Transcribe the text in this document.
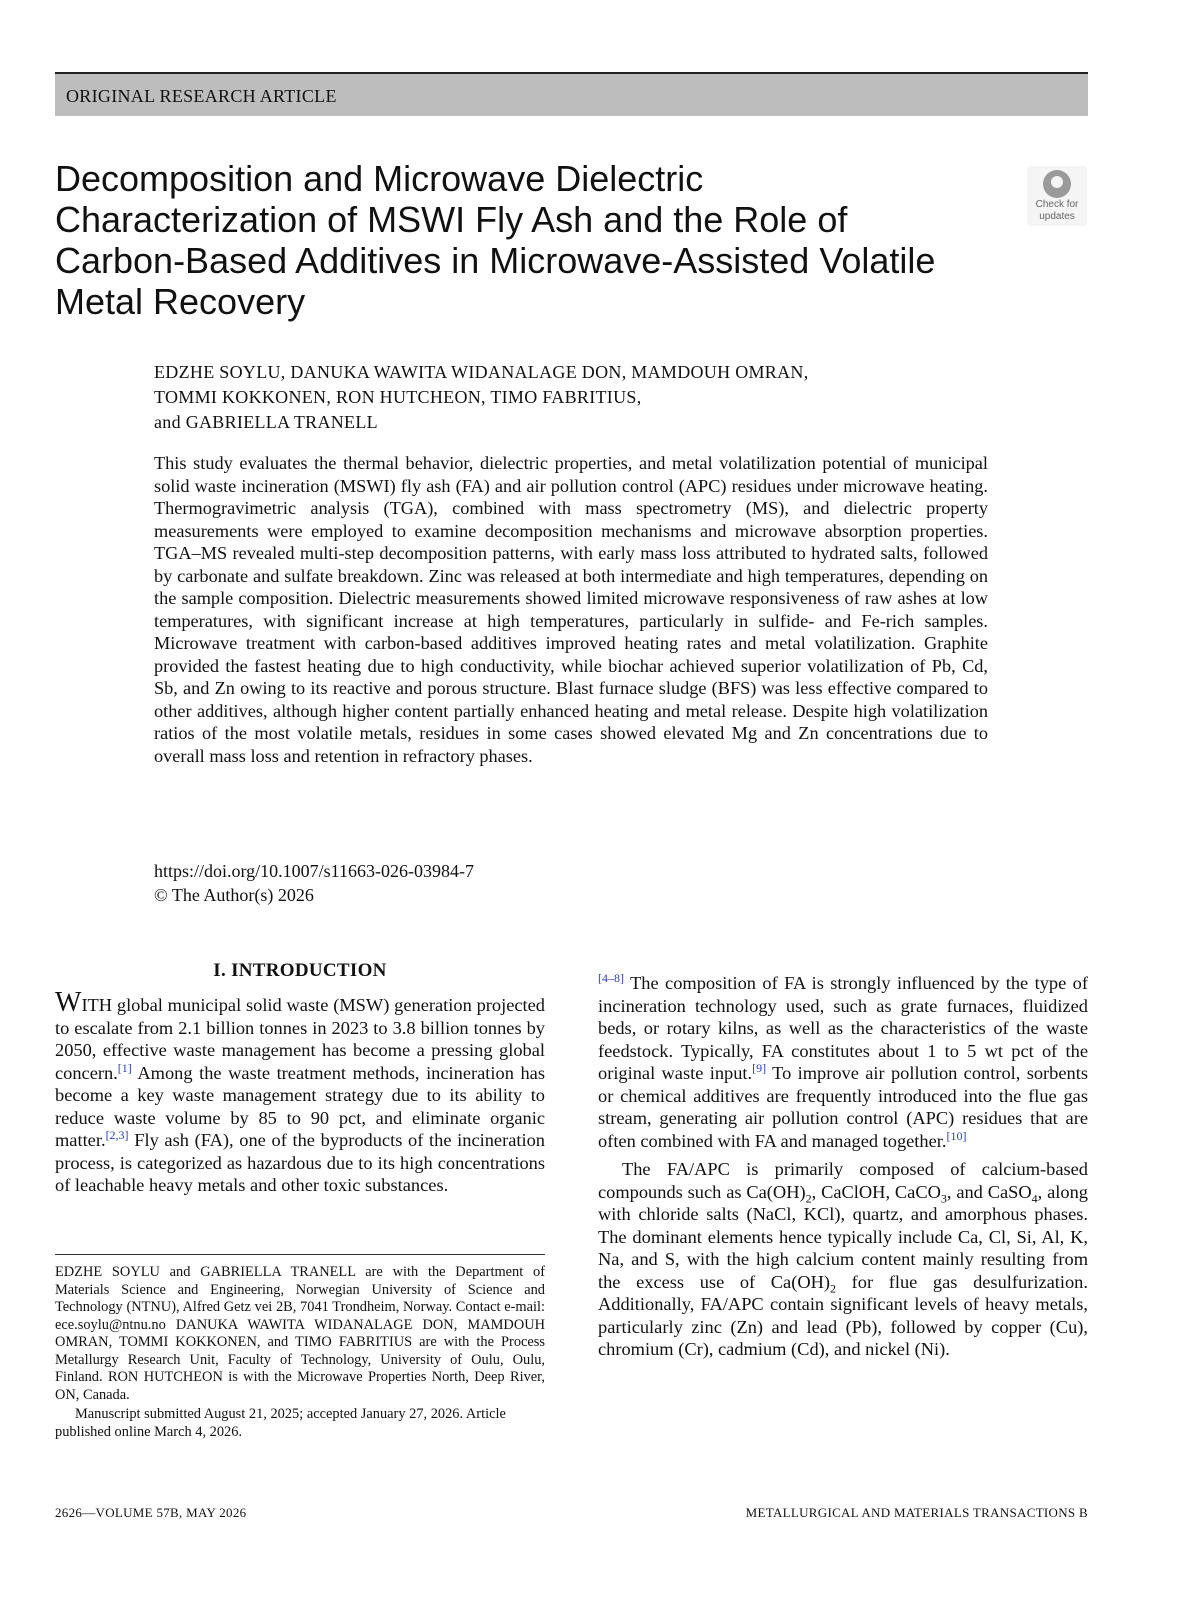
ORIGINAL RESEARCH ARTICLE
Decomposition and Microwave Dielectric Characterization of MSWI Fly Ash and the Role of Carbon-Based Additives in Microwave-Assisted Volatile Metal Recovery
Check for
updates

EDZHE SOYLU, DANUKA WAWITA WIDANALAGE DON, MAMDOUH OMRAN,
TOMMI KOKKONEN, RON HUTCHEON, TIMO FABRITIUS,
and GABRIELLA TRANELL

This study evaluates the thermal behavior, dielectric properties, and metal volatilization potential of municipal solid waste incineration (MSWI) fly ash (FA) and air pollution control (APC) residues under microwave heating. Thermogravimetric analysis (TGA), combined with mass spectrometry (MS), and dielectric property measurements were employed to examine decomposition mechanisms and microwave absorption properties. TGA–MS revealed multi-step decomposition patterns, with early mass loss attributed to hydrated salts, followed by carbonate and sulfate breakdown. Zinc was released at both intermediate and high temperatures, depending on the sample composition. Dielectric measurements showed limited microwave responsiveness of raw ashes at low temperatures, with significant increase at high temperatures, particularly in sulfide- and Fe-rich samples. Microwave treatment with carbon-based additives improved heating rates and metal volatilization. Graphite provided the fastest heating due to high conductivity, while biochar achieved superior volatilization of Pb, Cd, Sb, and Zn owing to its reactive and porous structure. Blast furnace sludge (BFS) was less effective compared to other additives, although higher content partially enhanced heating and metal release. Despite high volatilization ratios of the most volatile metals, residues in some cases showed elevated Mg and Zn concentrations due to overall mass loss and retention in refractory phases.

https://doi.org/10.1007/s11663-026-03984-7
© The Author(s) 2026
I. INTRODUCTION

WITH global municipal solid waste (MSW) generation projected to escalate from 2.1 billion tonnes in 2023 to 3.8 billion tonnes by 2050, effective waste management has become a pressing global concern.[1] Among the waste treatment methods, incineration has become a key waste management strategy due to its ability to reduce waste volume by 85 to 90 pct, and eliminate organic matter.[2,3] Fly ash (FA), one of the byproducts of the incineration process, is categorized as hazardous due to its high concentrations of leachable heavy metals and other toxic substances.

[4–8] The composition of FA is strongly influenced by the type of incineration technology used, such as grate furnaces, fluidized beds, or rotary kilns, as well as the characteristics of the waste feedstock. Typically, FA constitutes about 1 to 5 wt pct of the original waste input.[9] To improve air pollution control, sorbents or chemical additives are frequently introduced into the flue gas stream, generating air pollution control (APC) residues that are often combined with FA and managed together.[10]

The FA/APC is primarily composed of calcium-based compounds such as $Ca(OH)_2$, CaClOH, CaCO$_3$, and CaSO$_4$, along with chloride salts (NaCl, KCl), quartz, and amorphous phases. The dominant elements hence typically include Ca, Cl, Si, Al, K, Na, and S, with the high calcium content mainly resulting from the excess use of $Ca(OH)_2$ for flue gas desulfurization. Additionally, FA/APC contain significant levels of heavy metals, particularly zinc (Zn) and lead (Pb), followed by copper (Cu), chromium (Cr), cadmium (Cd), and nickel (Ni).

EDZHE SOYLU and GABRIELLA TRANELL are with the Department of Materials Science and Engineering, Norwegian University of Science and Technology (NTNU), Alfred Getz vei 2B, 7041 Trondheim, Norway. Contact e-mail: ece.soylu@ntnu.no DANUKA WAWITA WIDANALAGE DON, MAMDOUH OMRAN, TOMMI KOKKONEN, and TIMO FABRITIUS are with the Process Metallurgy Research Unit, Faculty of Technology, University of Oulu, Oulu, Finland. RON HUTCHEON is with the Microwave Properties North, Deep River, ON, Canada.

Manuscript submitted August 21, 2025; accepted January 27, 2026. Article published online March 4, 2026.

2626—VOLUME 57B, MAY 2026	METALLURGICAL AND MATERIALS TRANSACTIONS B
